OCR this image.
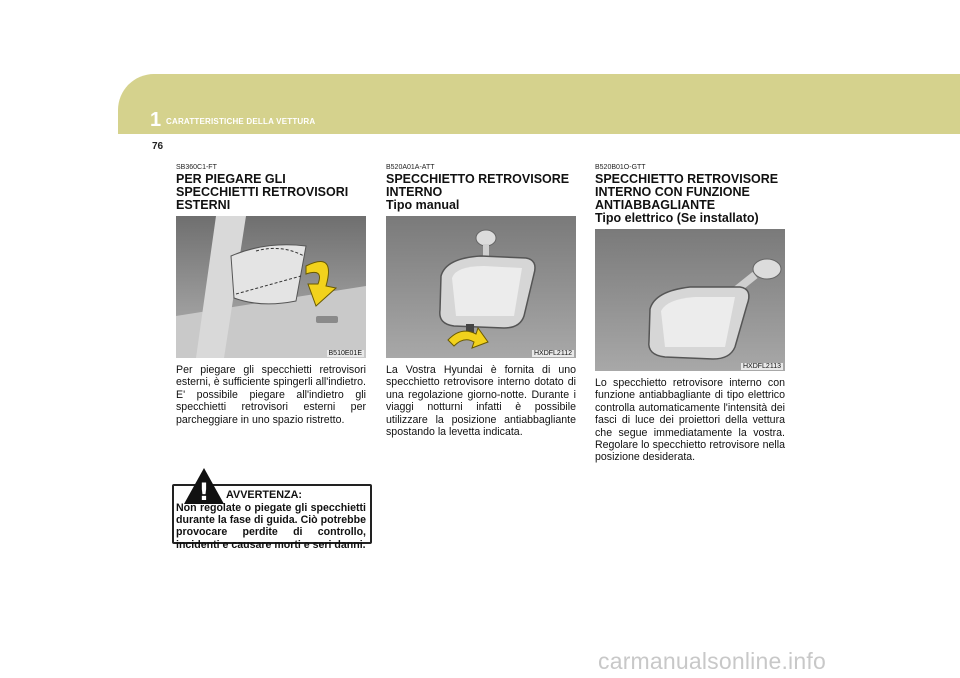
1 CARATTERISTICHE DELLA VETTURA
76
SB360C1-FT
PER PIEGARE GLI SPECCHIETTI RETROVISORI ESTERNI
B510E01E
Per piegare gli specchietti retrovisori esterni, è sufficiente spingerli all'indietro. E' possibile piegare all'indietro gli specchietti retrovisori esterni per parcheggiare in uno spazio ristretto.
! AVVERTENZA:
Non regolate o piegate gli specchietti durante la fase di guida. Ciò potrebbe provocare perdite di controllo, incidenti e causare morti e seri danni.
B520A01A-ATT
SPECCHIETTO RETROVISORE INTERNO
Tipo manual
HXDFL2112
La Vostra Hyundai è fornita di uno specchietto retrovisore interno dotato di una regolazione giorno-notte. Durante i viaggi notturni infatti è possibile utilizzare la posizione antiabbagliante spostando la levetta indicata.
B520B01O-GTT
SPECCHIETTO RETROVISORE INTERNO CON FUNZIONE ANTIABBAGLIANTE
Tipo elettrico (Se installato)
HXDFL2113
Lo specchietto retrovisore interno con funzione antiabbagliante di tipo elettrico controlla automaticamente l'intensità dei fasci di luce dei proiettori della vettura che segue immediatamente la vostra. Regolare lo specchietto retrovisore nella posizione desiderata.
carmanualsonline.info
